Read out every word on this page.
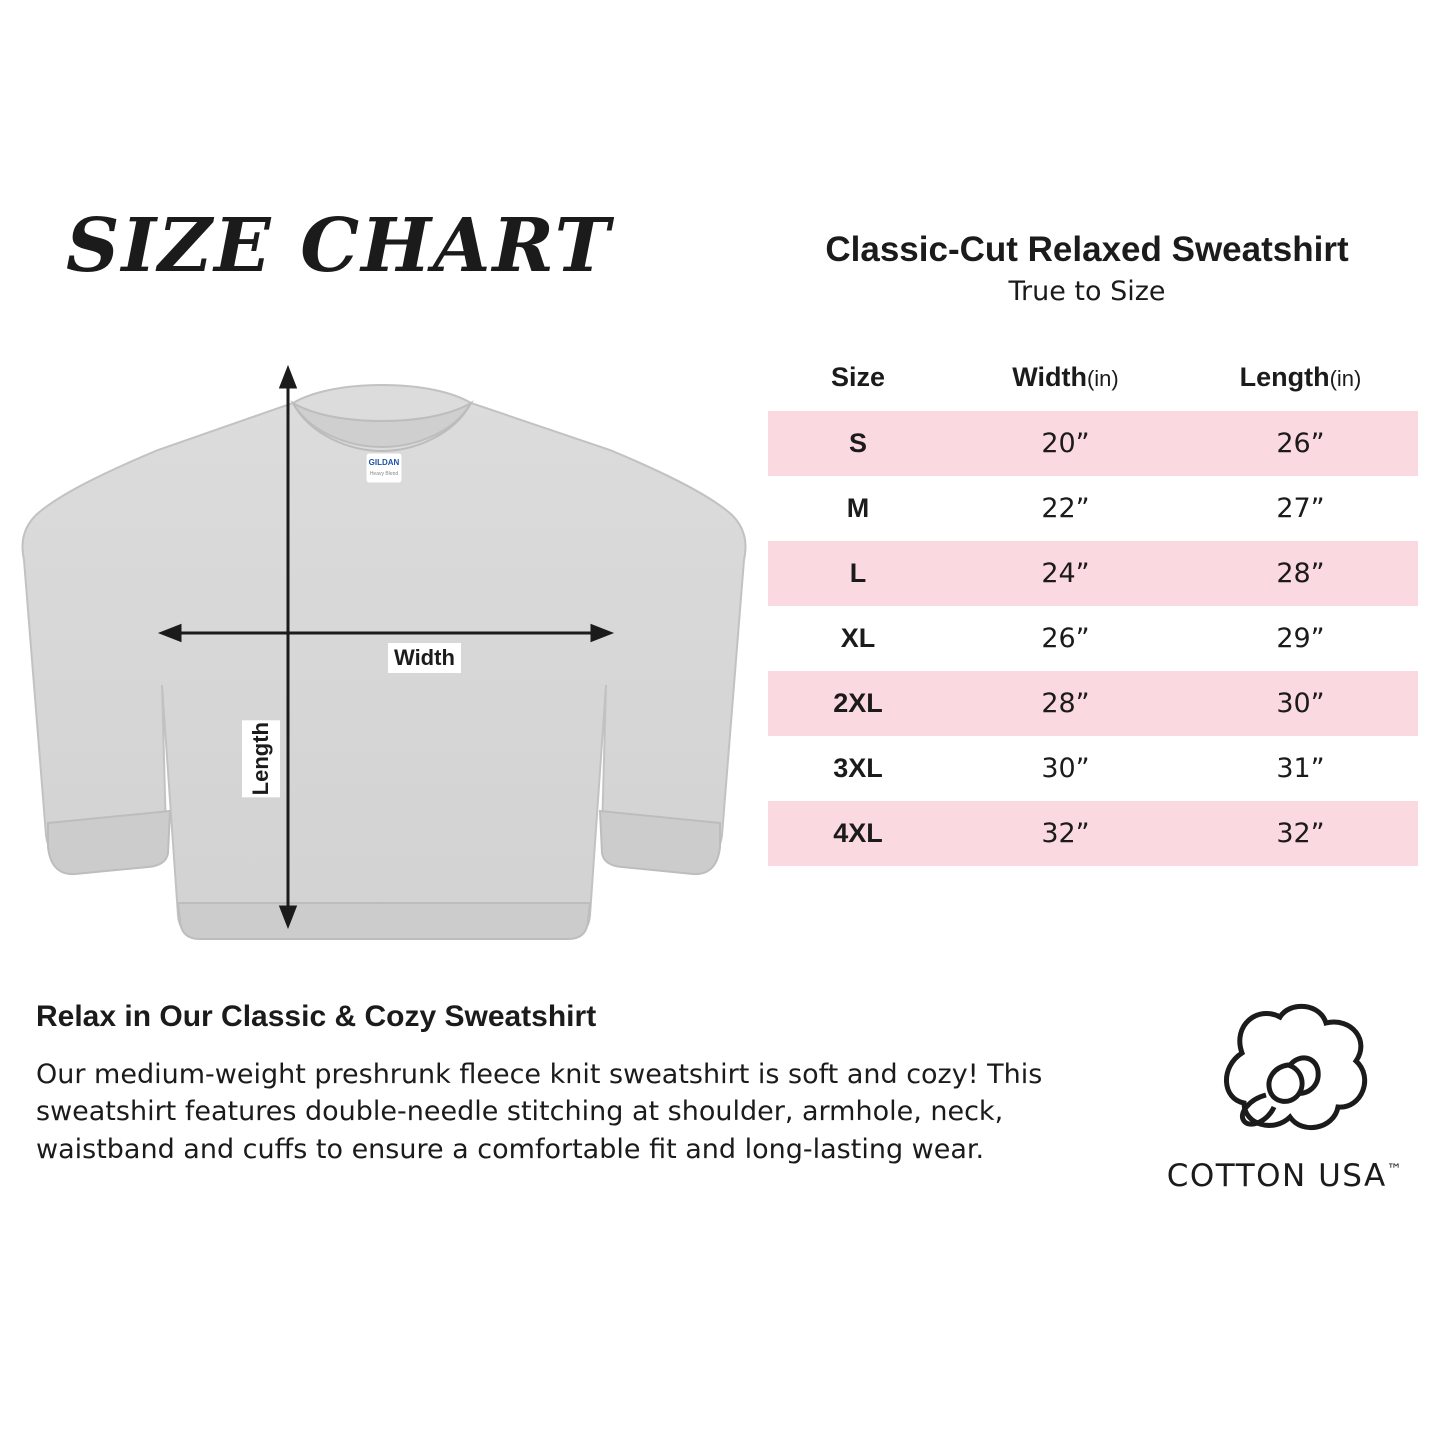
SIZE CHART	Classic-Cut Relaxed Sweatshirt
True to Size
GILDAN
Heavy Blend
Width
Length
Size	Width(in)	Length(in)
S	20”	26”
M	22”	27”
L	24”	28”
XL	26”	29”
2XL	28”	30”
3XL	30”	31”
4XL	32”	32”
Relax in Our Classic & Cozy Sweatshirt
Our medium-weight preshrunk fleece knit sweatshirt is soft and cozy! This sweatshirt features double-needle stitching at shoulder, armhole, neck, waistband and cuffs to ensure a comfortable fit and long-lasting wear.
COTTON USA™
